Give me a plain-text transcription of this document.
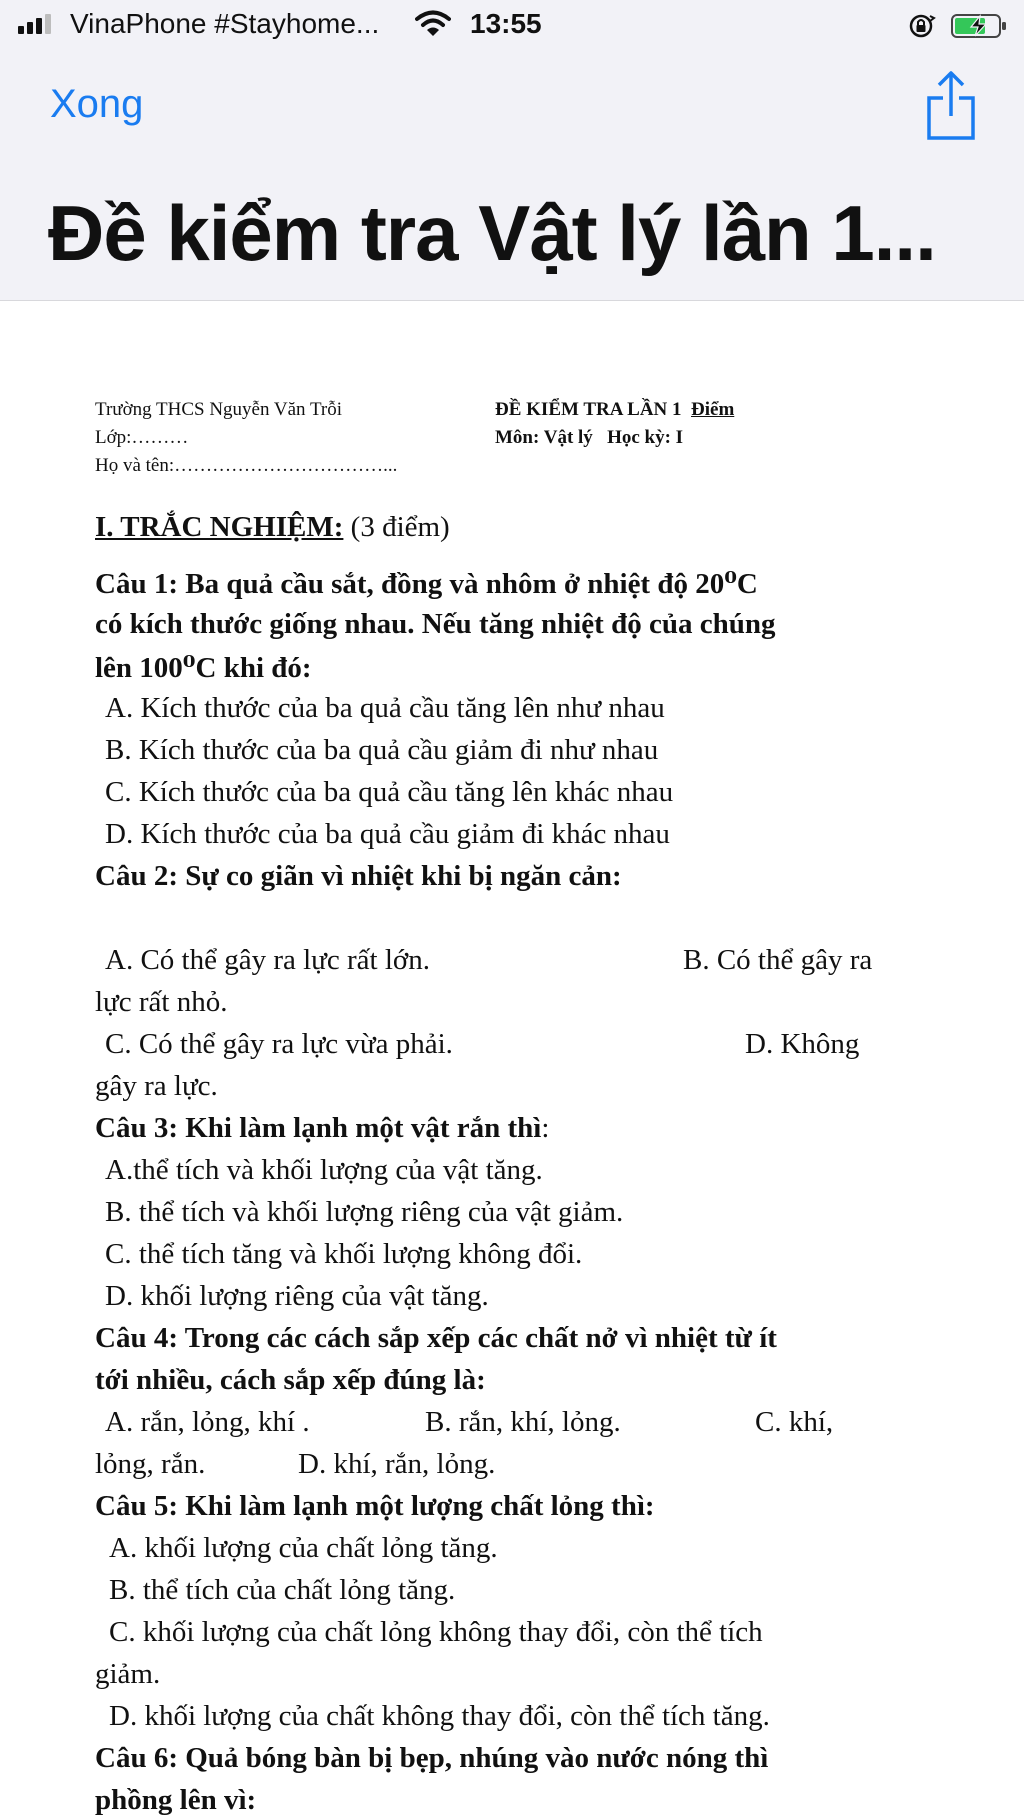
VinaPhone #Stayhome...	13:55
Xong
Đề kiểm tra Vật lý lần 1...
Trường THCS Nguyễn Văn Trỗi
Lớp:………
Họ và tên:……………………………...
ĐỀ KIỂM TRA LẦN 1 Điểm
Môn: Vật lý Học kỳ: I
I. TRẮC NGHIỆM: (3 điểm)
Câu 1: Ba quả cầu sắt, đồng và nhôm ở nhiệt độ 20⁰C
có kích thước giống nhau. Nếu tăng nhiệt độ của chúng
lên 100⁰C khi đó:
A. Kích thước của ba quả cầu tăng lên như nhau
B. Kích thước của ba quả cầu giảm đi như nhau
C. Kích thước của ba quả cầu tăng lên khác nhau
D. Kích thước của ba quả cầu giảm đi khác nhau
Câu 2: Sự co giãn vì nhiệt khi bị ngăn cản:
A. Có thể gây ra lực rất lớn.	B. Có thể gây ra
lực rất nhỏ.
C. Có thể gây ra lực vừa phải.	D. Không
gây ra lực.
Câu 3: Khi làm lạnh một vật rắn thì:
A.thể tích và khối lượng của vật tăng.
B. thể tích và khối lượng riêng của vật giảm.
C. thể tích tăng và khối lượng không đổi.
D. khối lượng riêng của vật tăng.
Câu 4: Trong các cách sắp xếp các chất nở vì nhiệt từ ít
tới nhiều, cách sắp xếp đúng là:
A. rắn, lỏng, khí .	B. rắn, khí, lỏng.	C. khí,
lỏng, rắn.	D. khí, rắn, lỏng.
Câu 5: Khi làm lạnh một lượng chất lỏng thì:
A. khối lượng của chất lỏng tăng.
B. thể tích của chất lỏng tăng.
C. khối lượng của chất lỏng không thay đổi, còn thể tích
giảm.
D. khối lượng của chất không thay đổi, còn thể tích tăng.
Câu 6: Quả bóng bàn bị bẹp, nhúng vào nước nóng thì
phồng lên vì:
